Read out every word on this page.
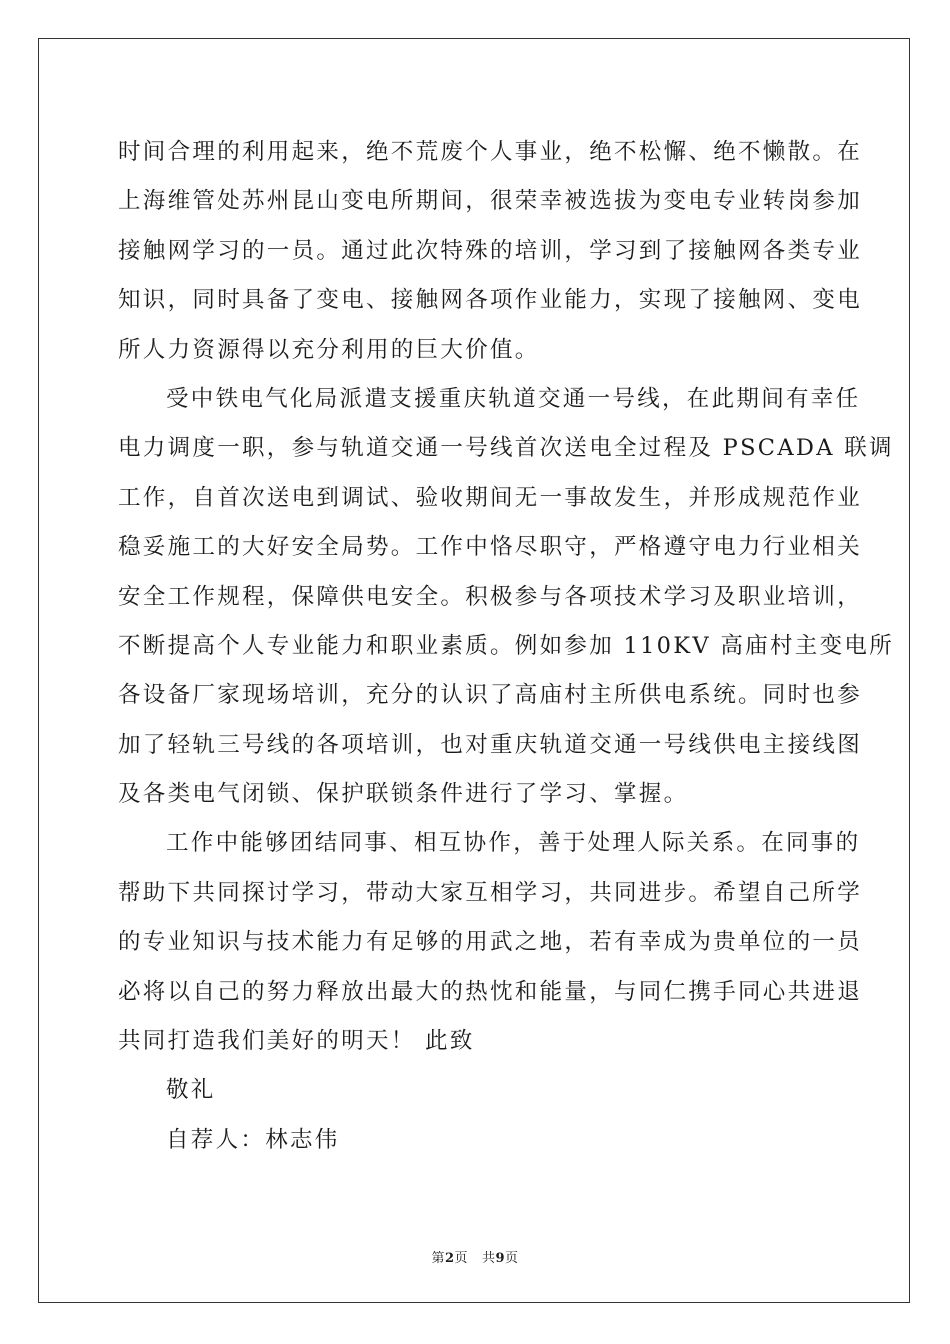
时间合理的利用起来，绝不荒废个人事业，绝不松懈、绝不懒散。在
上海维管处苏州昆山变电所期间，很荣幸被选拔为变电专业转岗参加
接触网学习的一员。通过此次特殊的培训，学习到了接触网各类专业
知识，同时具备了变电、接触网各项作业能力，实现了接触网、变电
所人力资源得以充分利用的巨大价值。
受中铁电气化局派遣支援重庆轨道交通一号线，在此期间有幸任
电力调度一职，参与轨道交通一号线首次送电全过程及 PSCADA 联调
工作，自首次送电到调试、验收期间无一事故发生，并形成规范作业
稳妥施工的大好安全局势。工作中恪尽职守，严格遵守电力行业相关
安全工作规程，保障供电安全。积极参与各项技术学习及职业培训，
不断提高个人专业能力和职业素质。例如参加 110KV 高庙村主变电所
各设备厂家现场培训，充分的认识了高庙村主所供电系统。同时也参
加了轻轨三号线的各项培训，也对重庆轨道交通一号线供电主接线图
及各类电气闭锁、保护联锁条件进行了学习、掌握。
工作中能够团结同事、相互协作，善于处理人际关系。在同事的
帮助下共同探讨学习，带动大家互相学习，共同进步。希望自己所学
的专业知识与技术能力有足够的用武之地，若有幸成为贵单位的一员
必将以自己的努力释放出最大的热忱和能量，与同仁携手同心共进退
共同打造我们美好的明天！ 此致
敬礼
自荐人：林志伟
第2页 共9页
